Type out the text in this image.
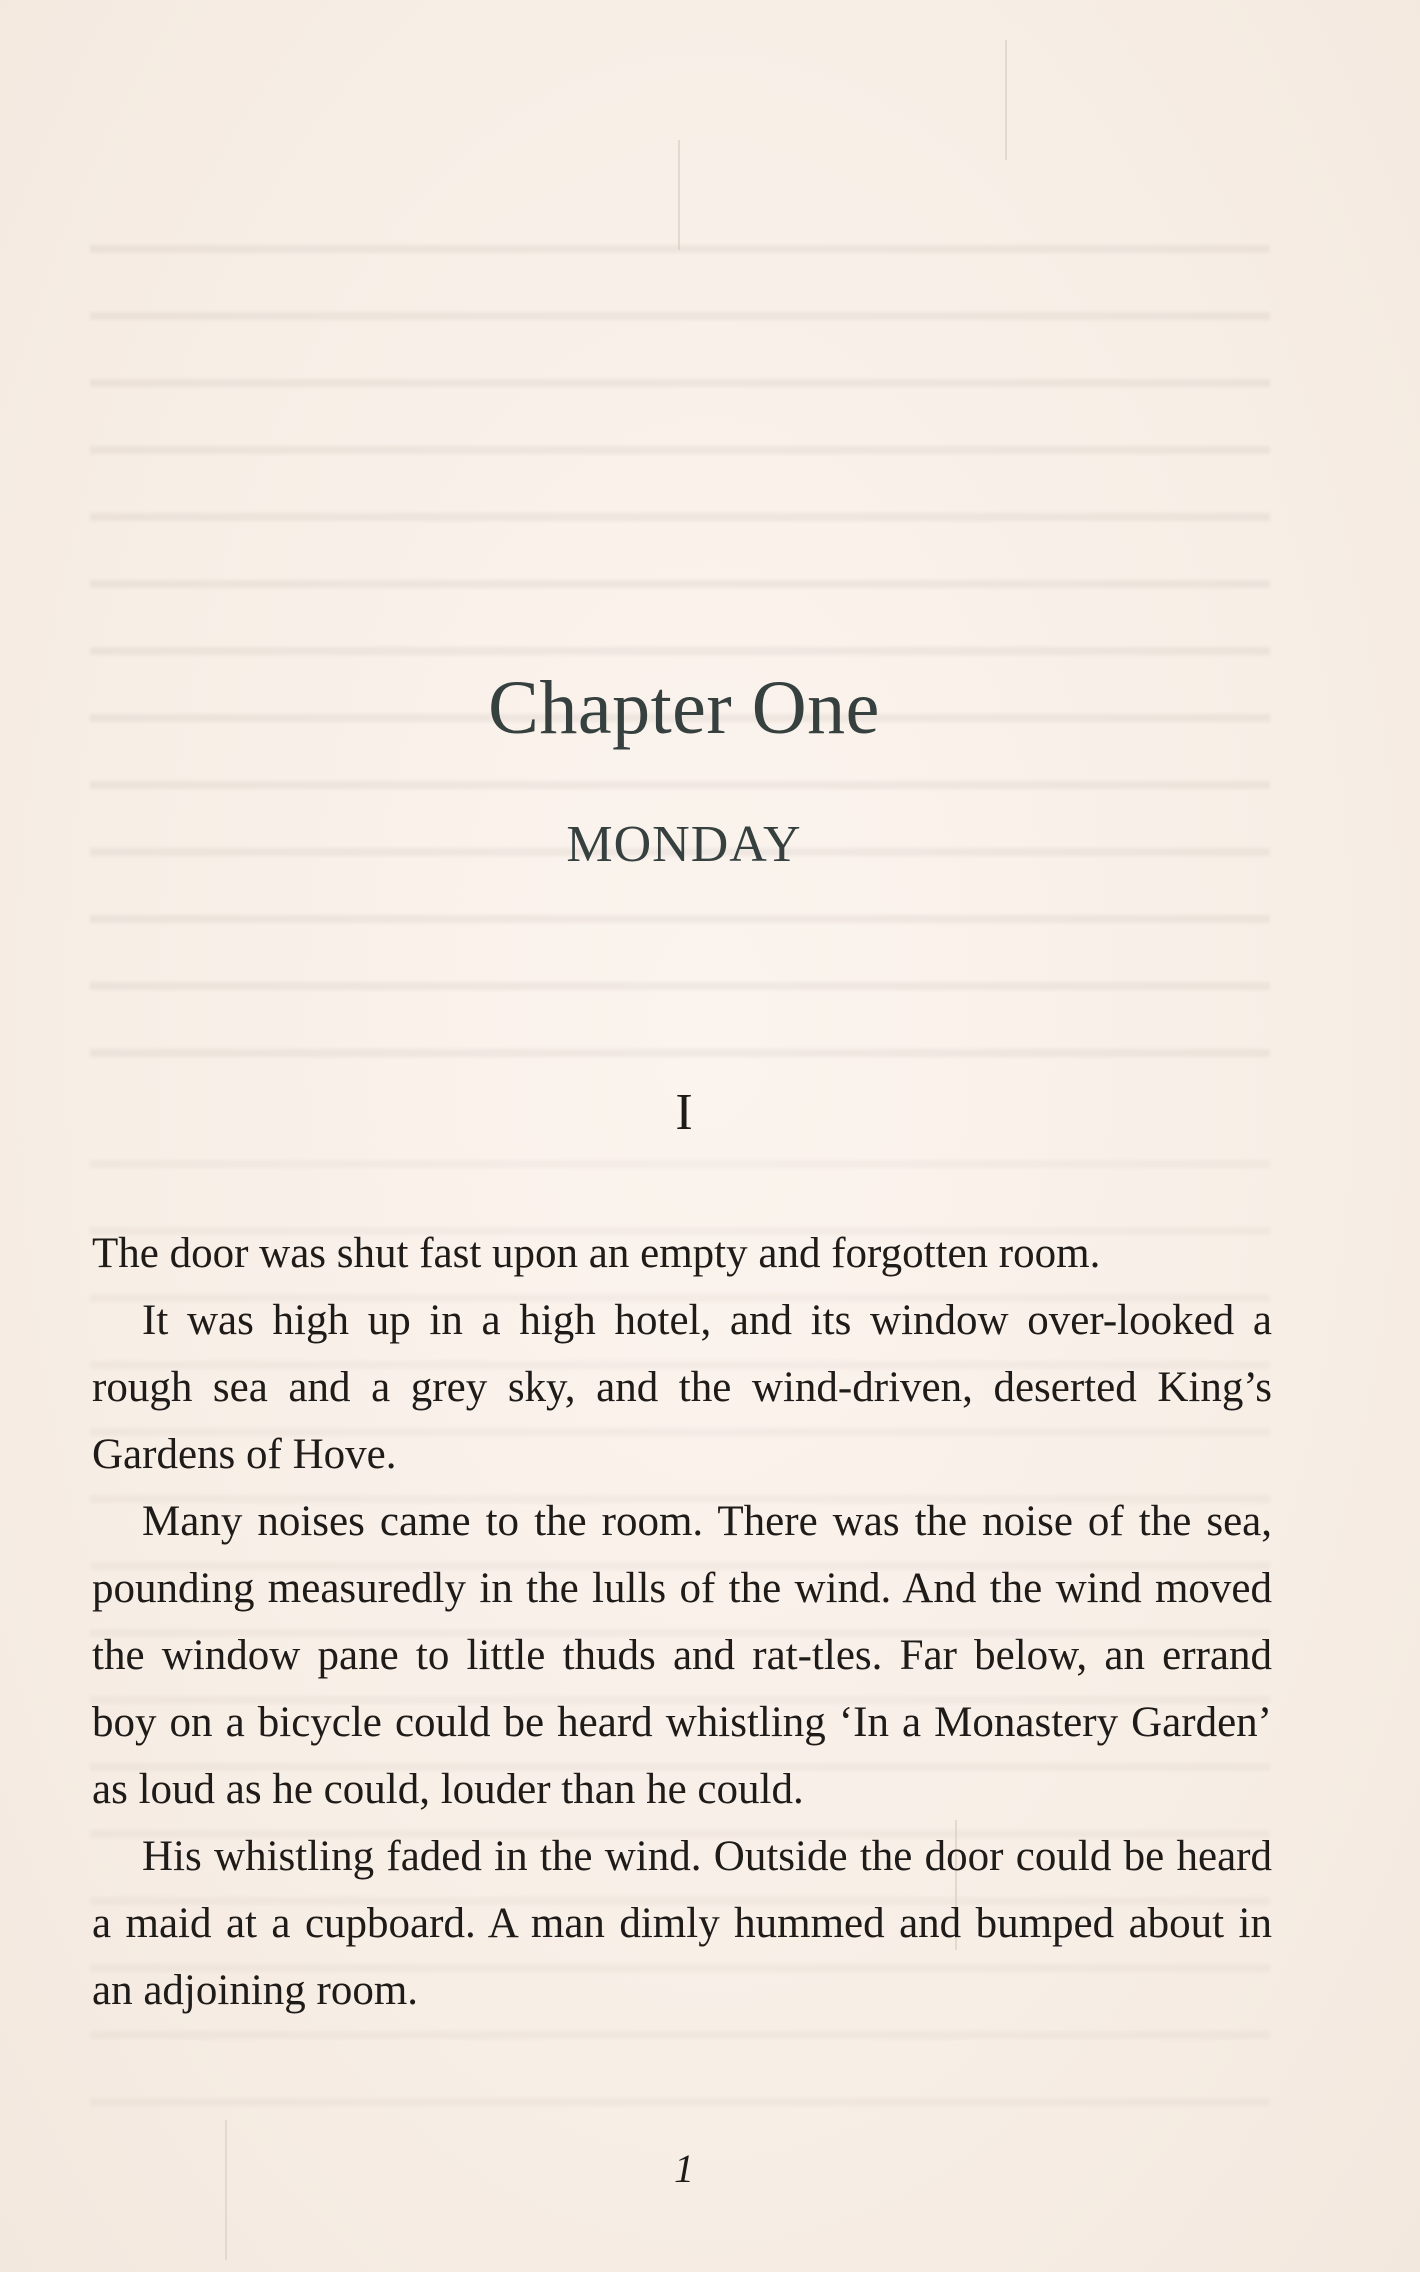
Chapter One
MONDAY
I

The door was shut fast upon an empty and forgotten room.

It was high up in a high hotel, and its window over-looked a rough sea and a grey sky, and the wind-driven, deserted King’s Gardens of Hove.

Many noises came to the room. There was the noise of the sea, pounding measuredly in the lulls of the wind. And the wind moved the window pane to little thuds and rat-tles. Far below, an errand boy on a bicycle could be heard whistling ‘In a Monastery Garden’ as loud as he could, louder than he could.

His whistling faded in the wind. Outside the door could be heard a maid at a cupboard. A man dimly hummed and bumped about in an adjoining room.

1
